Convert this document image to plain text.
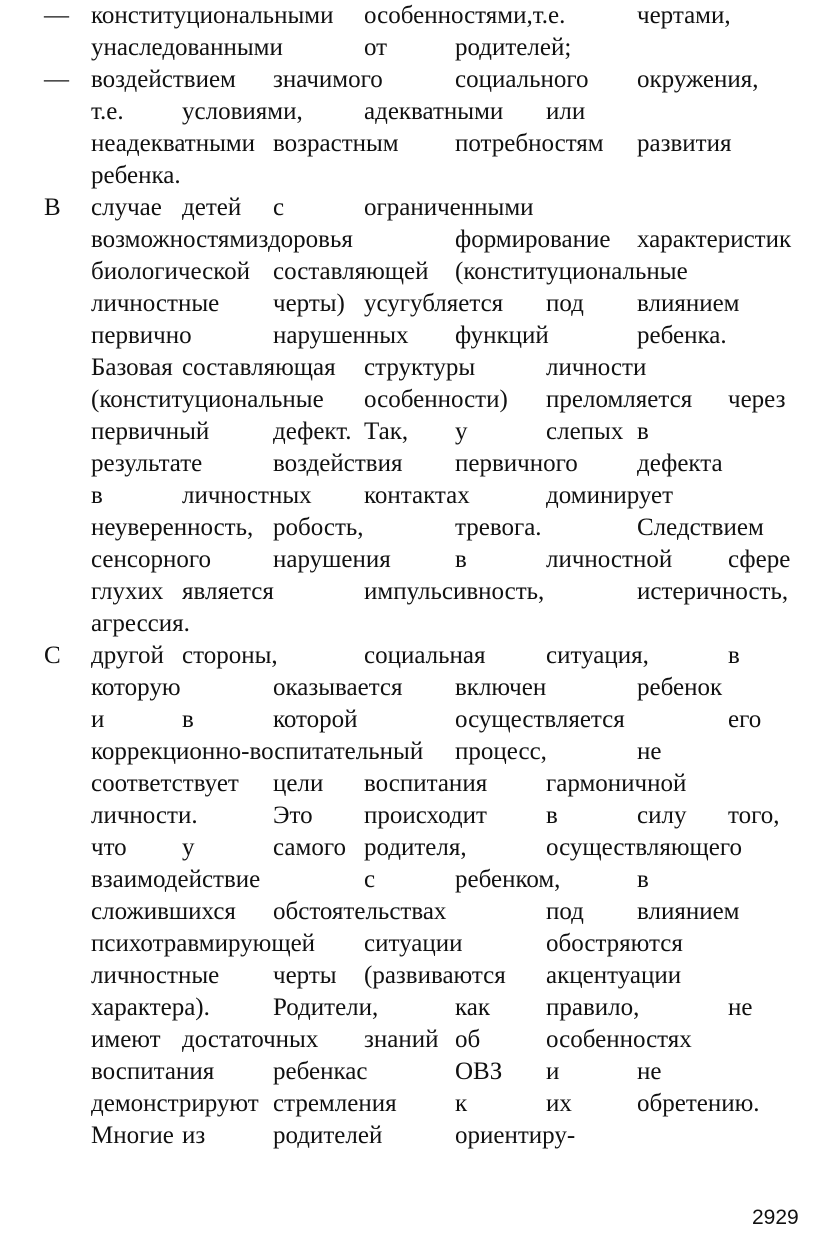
— конституциональными особенностями,т.е.	чертами,
унаследованными	от	родителей;
— воздействием значимого	социального окружения,
т.е. условиями, адекватными или
неадекватными возрастным потребностям развития
ребенка.
В случае детей с	ограниченными
возможностямиздоровья	формирование характеристик
биологической составляющей (конституциональные
личностные черты) усугубляется под влиянием
первично	нарушенных функций	ребенка.
Базовая составляющая структуры	личности
(конституциональные особенности) преломляется через
первичный	дефект. Так, у	слепых в
результате	воздействия первичного дефекта
в	личностных контактах	доминирует
неуверенность, робость,	тревога.	Следствием
сенсорного нарушения	в	личностной сфере
глухих является	импульсивность,	истеричность,
агрессия.
С другой стороны,	социальная ситуация,	в
которую	оказывается включен	ребенок
и	в	которой	осуществляется	его
коррекционно-воспитательный процесс,	не
соответствует цели воспитания гармоничной
личности.	Это происходит в	силу того,
что у	самого родителя,	осуществляющего
взаимодействие	с	ребенком,	в
сложившихся обстоятельствах	под влиянием
психотравмирующей ситуации	обостряются
личностные черты (развиваются акцентуации
характера).	Родители,	как правило,	не
имеют достаточных знаний об	особенностях
воспитания ребенкас	ОВЗ и	не
демонстрируют стремления к	их	обретению.
Многие из	родителей	ориентиру-
2929
